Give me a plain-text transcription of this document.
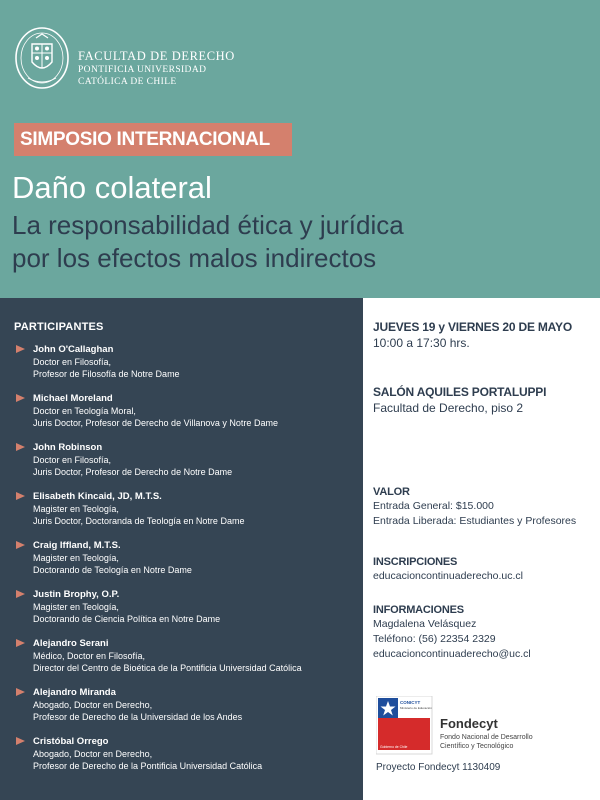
FACULTAD DE DERECHO
PONTIFICIA UNIVERSIDAD
CATÓLICA DE CHILE
SIMPOSIO INTERNACIONAL
Daño colateral
La responsabilidad ética y jurídica
por los efectos malos indirectos
PARTICIPANTES
John O'Callaghan
Doctor en Filosofía,
Profesor de Filosofía de Notre Dame
Michael Moreland
Doctor en Teología Moral,
Juris Doctor, Profesor de Derecho de Villanova y Notre Dame
John Robinson
Doctor en Filosofía,
Juris Doctor, Profesor de Derecho de Notre Dame
Elisabeth Kincaid, JD, M.T.S.
Magister en Teología,
Juris Doctor, Doctoranda de Teología en Notre Dame
Craig Iffland, M.T.S.
Magister en Teología,
Doctorando de Teología en Notre Dame
Justin Brophy, O.P.
Magister en Teología,
Doctorando de Ciencia Política en Notre Dame
Alejandro Serani
Médico, Doctor en Filosofía,
Director del Centro de Bioética de la Pontificia Universidad Católica
Alejandro Miranda
Abogado, Doctor en Derecho,
Profesor de Derecho de la Universidad de los Andes
Cristóbal Orrego
Abogado, Doctor en Derecho,
Profesor de Derecho de la Pontificia Universidad Católica
JUEVES 19 y VIERNES 20 DE MAYO
10:00 a 17:30 hrs.
SALÓN AQUILES PORTALUPPI
Facultad de Derecho, piso 2
VALOR
Entrada General: $15.000
Entrada Liberada: Estudiantes y Profesores
INSCRIPCIONES
educacioncontinuaderecho.uc.cl
INFORMACIONES
Magdalena Velásquez
Teléfono: (56) 22354 2329
educacioncontinuaderecho@uc.cl
CONICYT
Ministerio de Educación
Gobierno de Chile
Fondecyt
Fondo Nacional de Desarrollo
Científico y Tecnológico
Proyecto Fondecyt 1130409
